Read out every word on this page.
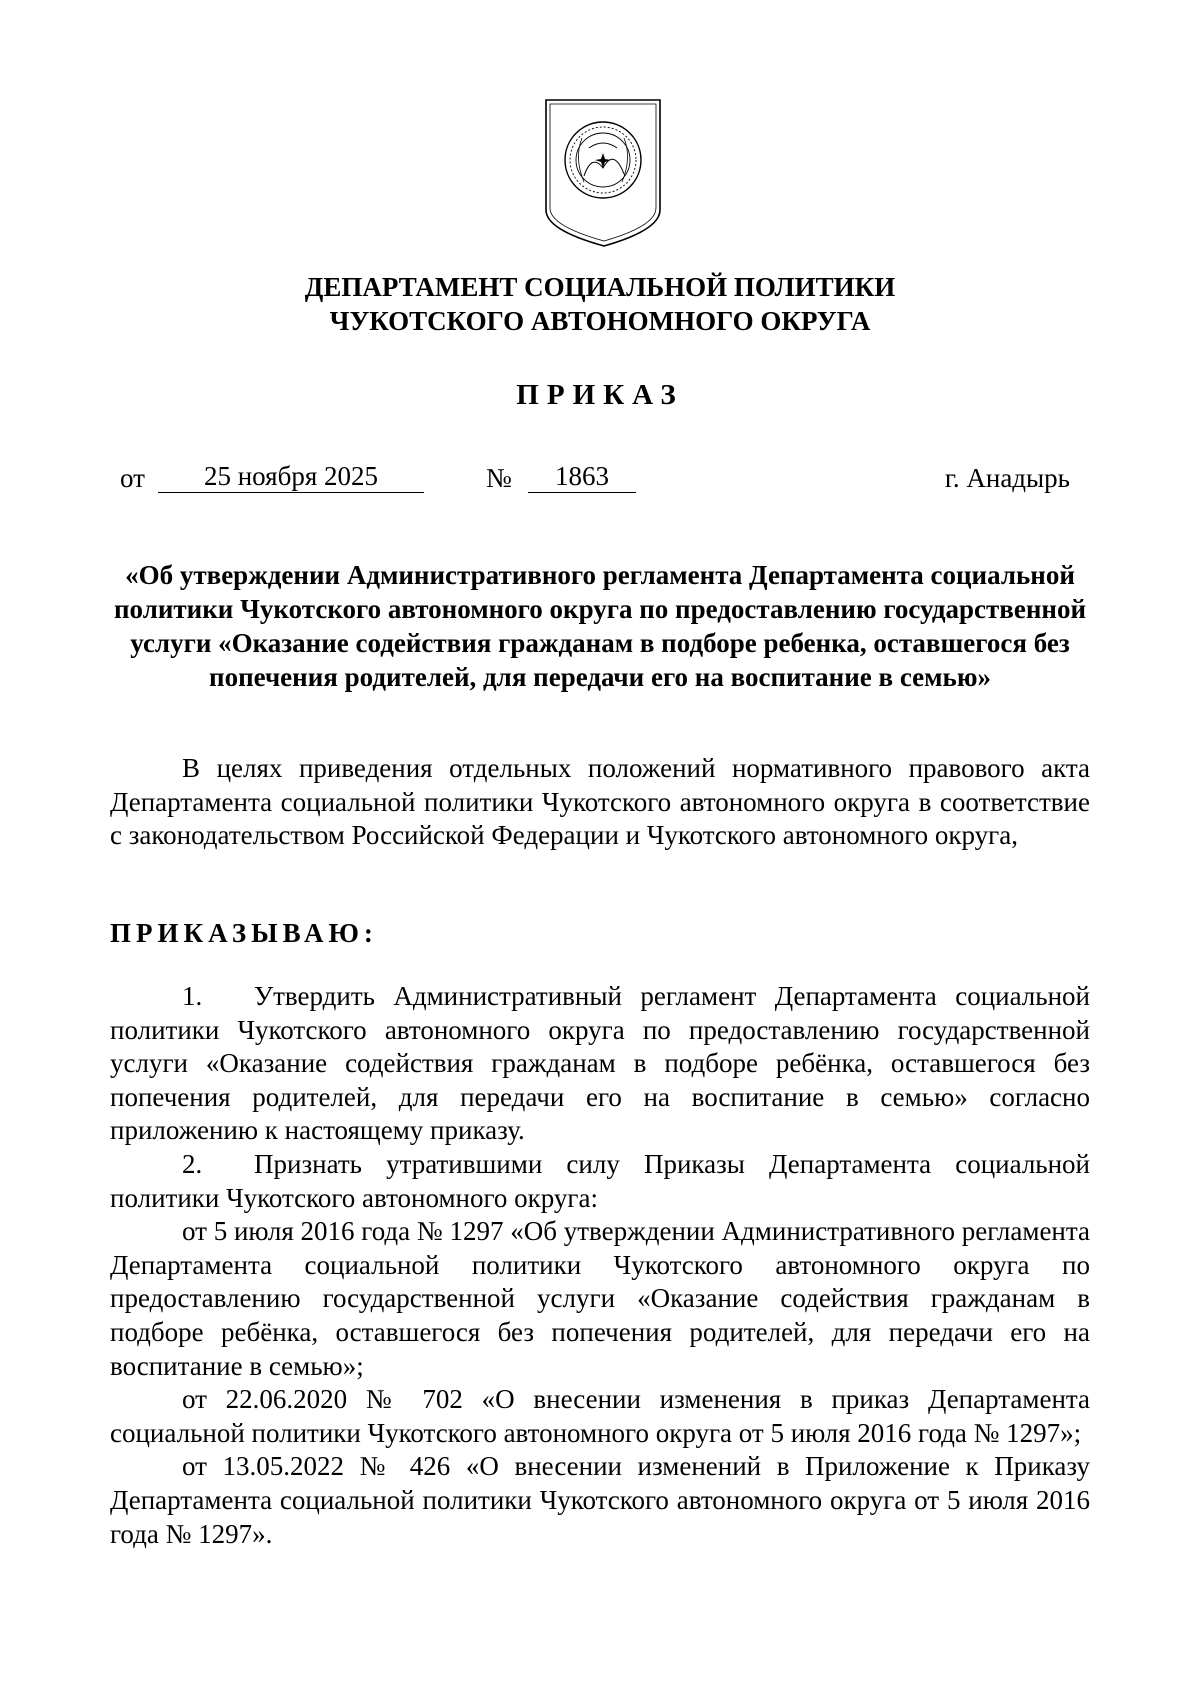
ДЕПАРТАМЕНТ СОЦИАЛЬНОЙ ПОЛИТИКИ
ЧУКОТСКОГО АВТОНОМНОГО ОКРУГА
ПРИКАЗ
от	25 ноября 2025	№	1863	г. Анадырь
«Об утверждении Административного регламента Департамента социальной политики Чукотского автономного округа по предоставлению государственной услуги «Оказание содействия гражданам в подборе ребенка, оставшегося без попечения родителей, для передачи его на воспитание в семью»
В целях приведения отдельных положений нормативного правового акта Департамента социальной политики Чукотского автономного округа в соответствие с законодательством Российской Федерации и Чукотского автономного округа,
ПРИКАЗЫВАЮ:

1. Утвердить Административный регламент Департамента социальной политики Чукотского автономного округа по предоставлению государственной услуги «Оказание содействия гражданам в подборе ребёнка, оставшегося без попечения родителей, для передачи его на воспитание в семью» согласно приложению к настоящему приказу.

2. Признать утратившими силу Приказы Департамента социальной политики Чукотского автономного округа:

от 5 июля 2016 года № 1297 «Об утверждении Административного регламента Департамента социальной политики Чукотского автономного округа по предоставлению государственной услуги «Оказание содействия гражданам в подборе ребёнка, оставшегося без попечения родителей, для передачи его на воспитание в семью»;

от 22.06.2020 № 702 «О внесении изменения в приказ Департамента социальной политики Чукотского автономного округа от 5 июля 2016 года № 1297»;

от 13.05.2022 № 426 «О внесении изменений в Приложение к Приказу Департамента социальной политики Чукотского автономного округа от 5 июля 2016 года № 1297».
